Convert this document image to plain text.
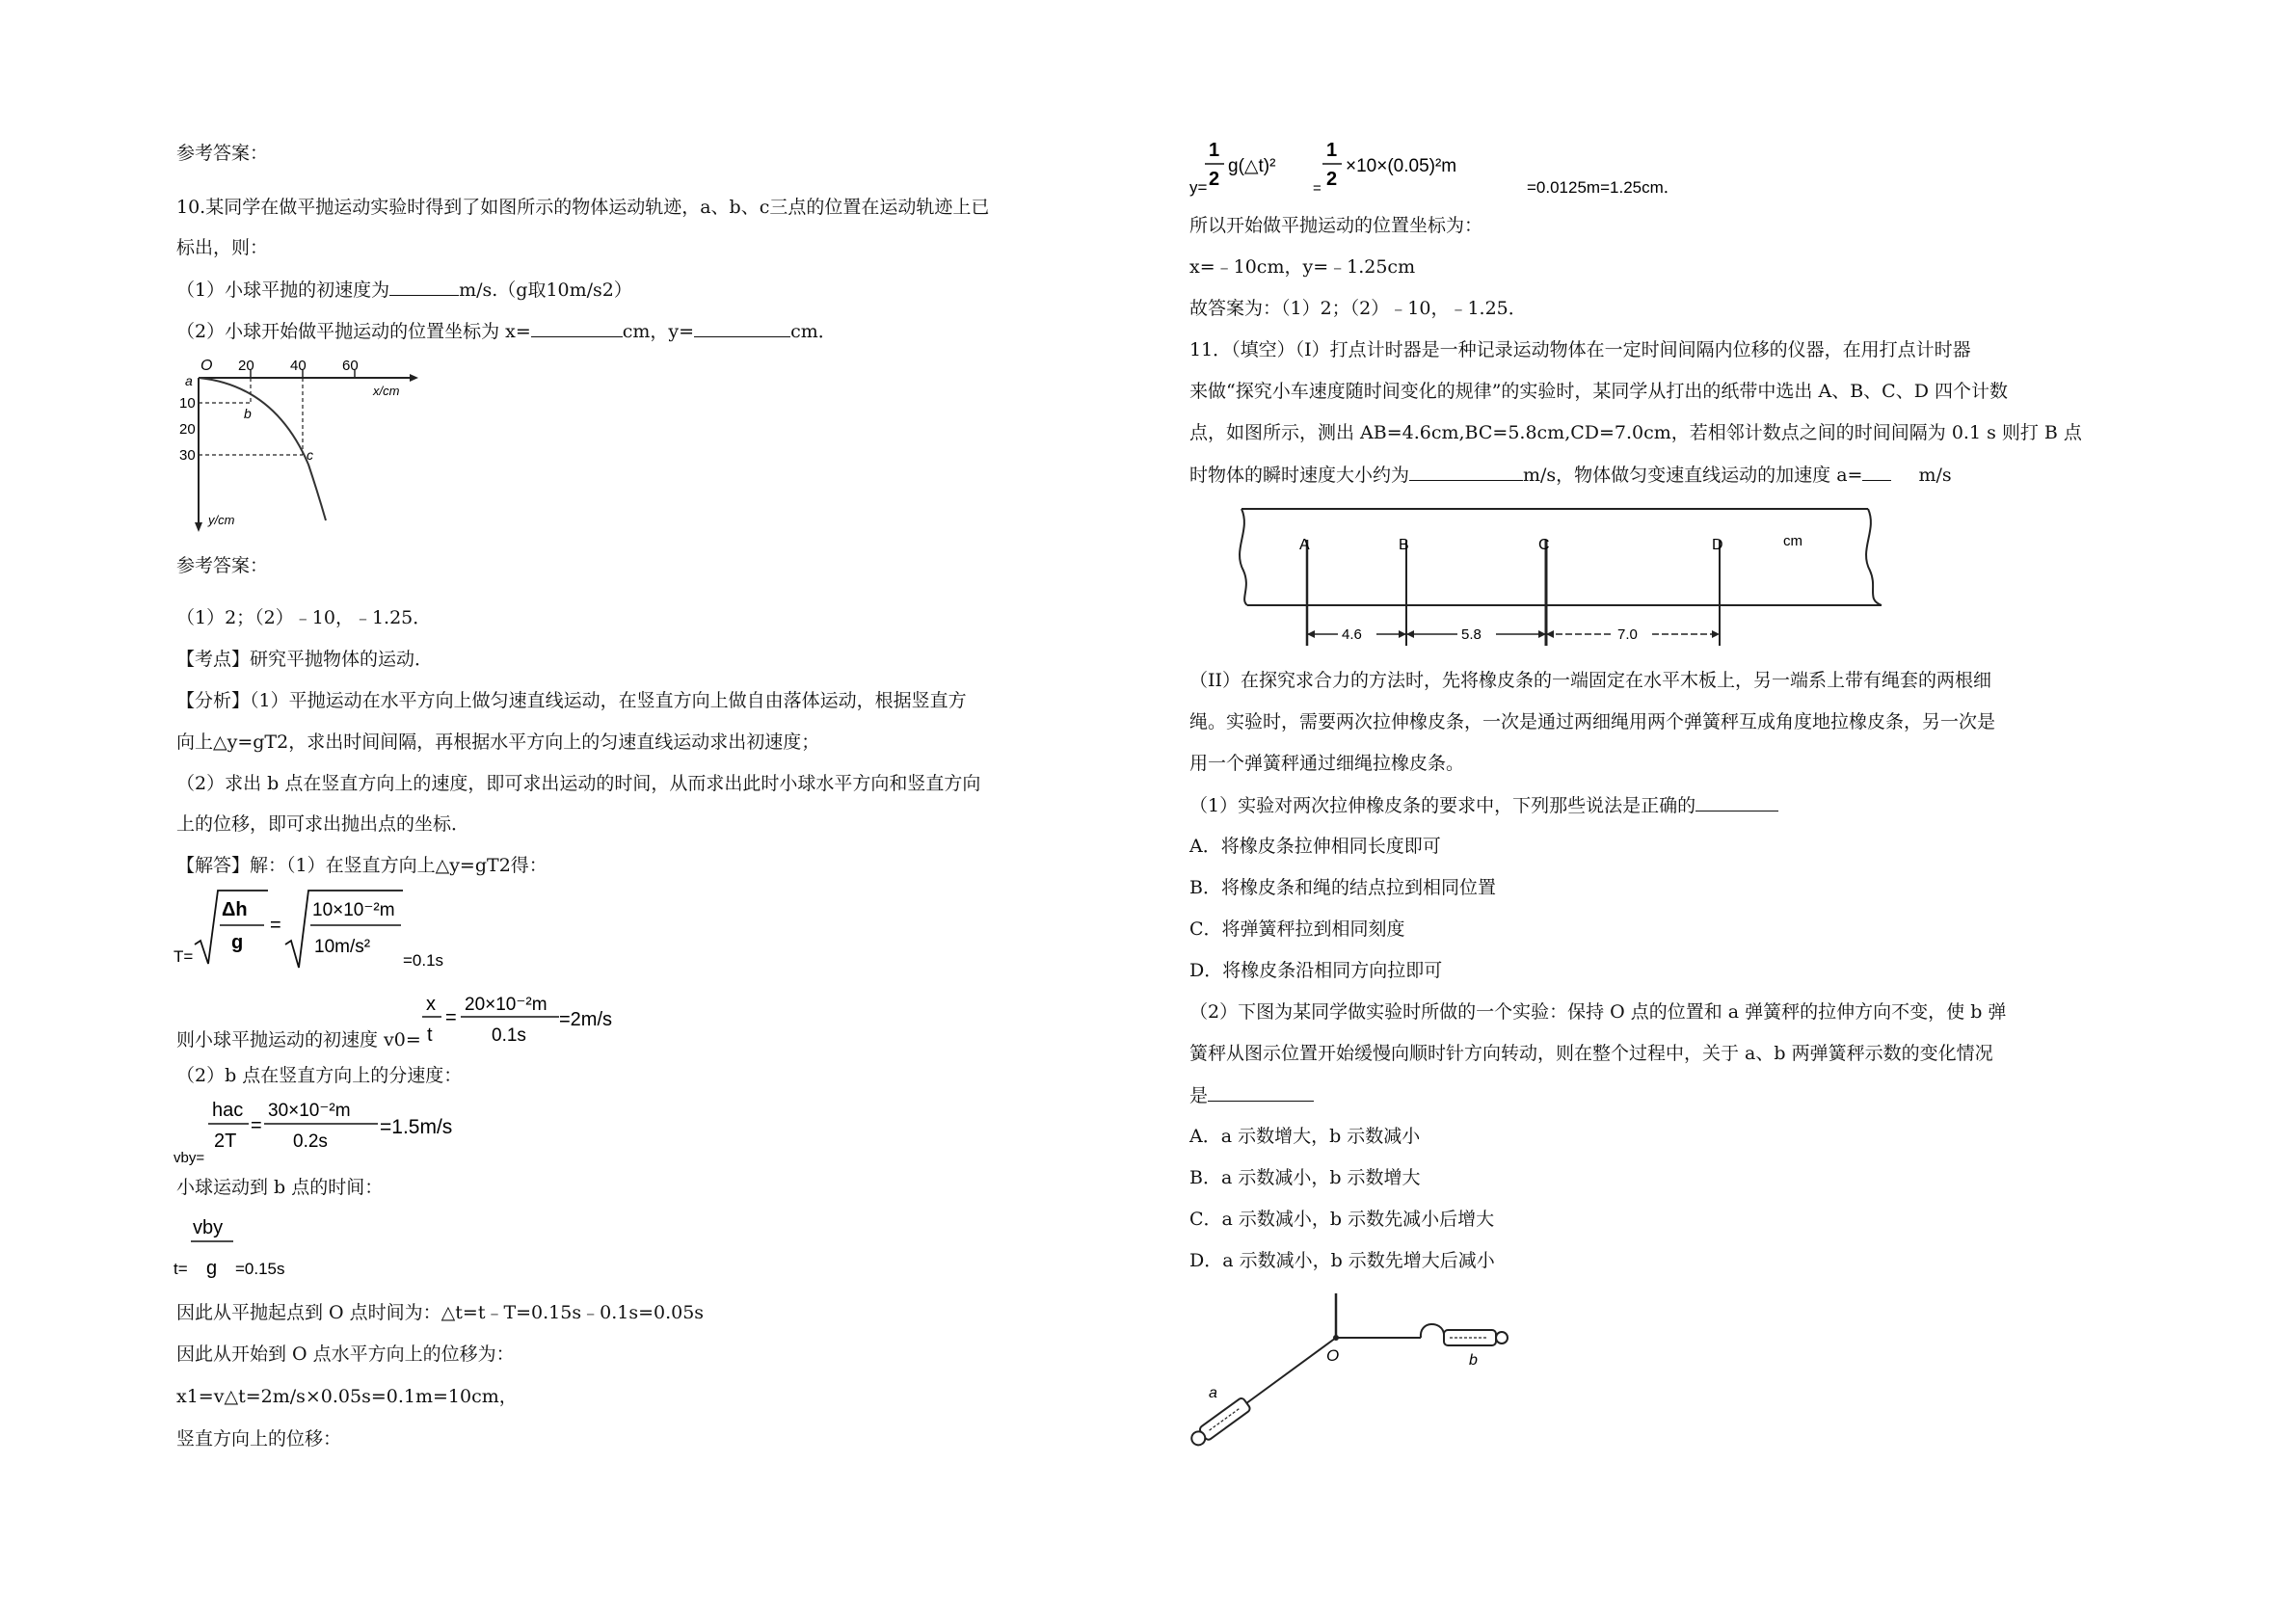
参考答案：
10.某同学在做平抛运动实验时得到了如图所示的物体运动轨迹，a、b、c三点的位置在运动轨迹上已
标出，则：
（1）小球平抛的初速度为	m/s.（g取10m/s2）
（2）小球开始做平抛运动的位置坐标为 x=	cm，y=	cm．
O
a
b
c
20 40 60
10
20
30
x/cm
y/cm
参考答案：
（1）2；（2）﹣10，﹣1.25．
【考点】研究平抛物体的运动．
【分析】（1）平抛运动在水平方向上做匀速直线运动，在竖直方向上做自由落体运动，根据竖直方
向上△y=gT2，求出时间间隔，再根据水平方向上的匀速直线运动求出初速度；
（2）求出 b 点在竖直方向上的速度，即可求出运动的时间，从而求出此时小球水平方向和竖直方向
上的位移，即可求出抛出点的坐标．
【解答】解：（1）在竖直方向上△y=gT2得：
T=
Δh
g
=
10×10⁻²m
10m/s²
=0.1s
则小球平抛运动的初速度 v0=
x
t
=
20×10⁻²m
0.1s
=2m/s
（2）b 点在竖直方向上的分速度：
vby=
hac
2T
=
30×10⁻²m
0.2s
=1.5m/s
小球运动到 b 点的时间：
t=
vby
g =0.15s
因此从平抛起点到 O 点时间为：△t=t﹣T=0.15s﹣0.1s=0.05s
因此从开始到 O 点水平方向上的位移为：
x1=v△t=2m/s×0.05s=0.1m=10cm，
竖直方向上的位移：
y=
1
2
g(△t)²
1
2
=
×10×(0.05)²m
=0.0125m=1.25cm．
所以开始做平抛运动的位置坐标为：
x=﹣10cm，y=﹣1.25cm
故答案为：（1）2；（2）﹣10，﹣1.25．
11．（填空）（Ⅰ）打点计时器是一种记录运动物体在一定时间间隔内位移的仪器，在用打点计时器
来做“探究小车速度随时间变化的规律”的实验时，某同学从打出的纸带中选出 A、B、C、D 四个计数
点，如图所示，测出 AB=4.6cm,BC=5.8cm,CD=7.0cm，若相邻计数点之间的时间间隔为 0.1 s 则打 B 点
时物体的瞬时速度大小约为	m/s，物体做匀变速直线运动的加速度 a=	m/s
A	B	C	D	cm
4.6	5.8	7.0
（II）在探究求合力的方法时，先将橡皮条的一端固定在水平木板上，另一端系上带有绳套的两根细
绳。实验时，需要两次拉伸橡皮条，一次是通过两细绳用两个弹簧秤互成角度地拉橡皮条，另一次是
用一个弹簧秤通过细绳拉橡皮条。
（1）实验对两次拉伸橡皮条的要求中，下列那些说法是正确的
A．将橡皮条拉伸相同长度即可
B．将橡皮条和绳的结点拉到相同位置
C．将弹簧秤拉到相同刻度
D．将橡皮条沿相同方向拉即可
（2）下图为某同学做实验时所做的一个实验：保持 O 点的位置和 a 弹簧秤的拉伸方向不变，使 b 弹
簧秤从图示位置开始缓慢向顺时针方向转动，则在整个过程中，关于 a、b 两弹簧秤示数的变化情况
是
A．a 示数增大，b 示数减小
B．a 示数减小，b 示数增大
C．a 示数减小，b 示数先减小后增大
D．a 示数减小，b 示数先增大后减小
O
a
b
